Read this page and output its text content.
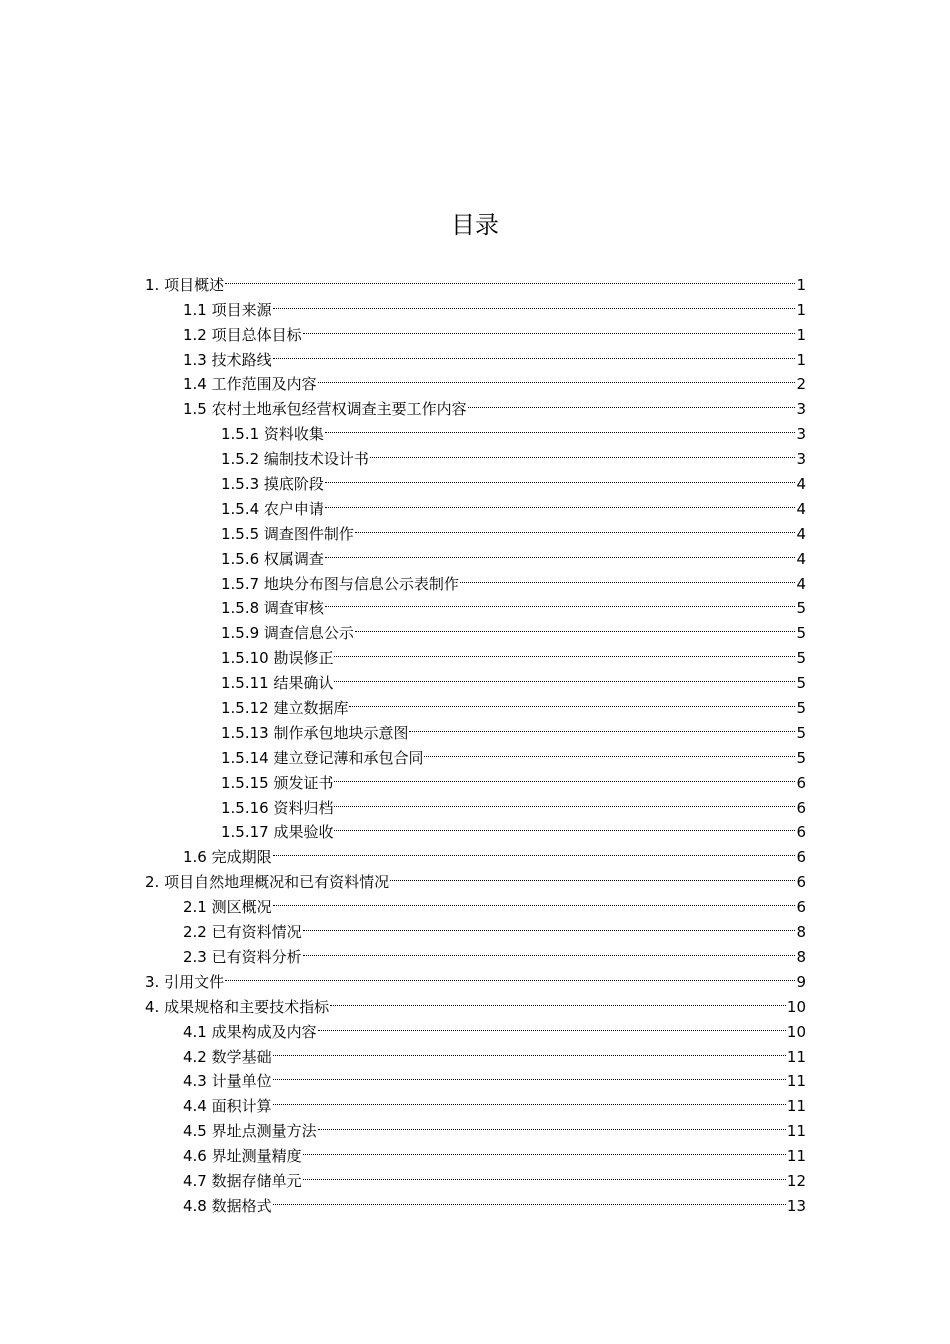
目录
1. 项目概述	1
1.1 项目来源	1
1.2 项目总体目标	1
1.3 技术路线	1
1.4 工作范围及内容	2
1.5 农村土地承包经营权调查主要工作内容	3
1.5.1 资料收集	3
1.5.2 编制技术设计书	3
1.5.3 摸底阶段	4
1.5.4 农户申请	4
1.5.5 调查图件制作	4
1.5.6 权属调查	4
1.5.7 地块分布图与信息公示表制作	4
1.5.8 调查审核	5
1.5.9 调查信息公示	5
1.5.10 勘误修正	5
1.5.11 结果确认	5
1.5.12 建立数据库	5
1.5.13 制作承包地块示意图	5
1.5.14 建立登记薄和承包合同	5
1.5.15 颁发证书	6
1.5.16 资料归档	6
1.5.17 成果验收	6
1.6 完成期限	6
2. 项目自然地理概况和已有资料情况	6
2.1 测区概况	6
2.2 已有资料情况	8
2.3 已有资料分析	8
3. 引用文件	9
4. 成果规格和主要技术指标	10
4.1 成果构成及内容	10
4.2 数学基础	11
4.3 计量单位	11
4.4 面积计算	11
4.5 界址点测量方法	11
4.6 界址测量精度	11
4.7 数据存储单元	12
4.8 数据格式	13
